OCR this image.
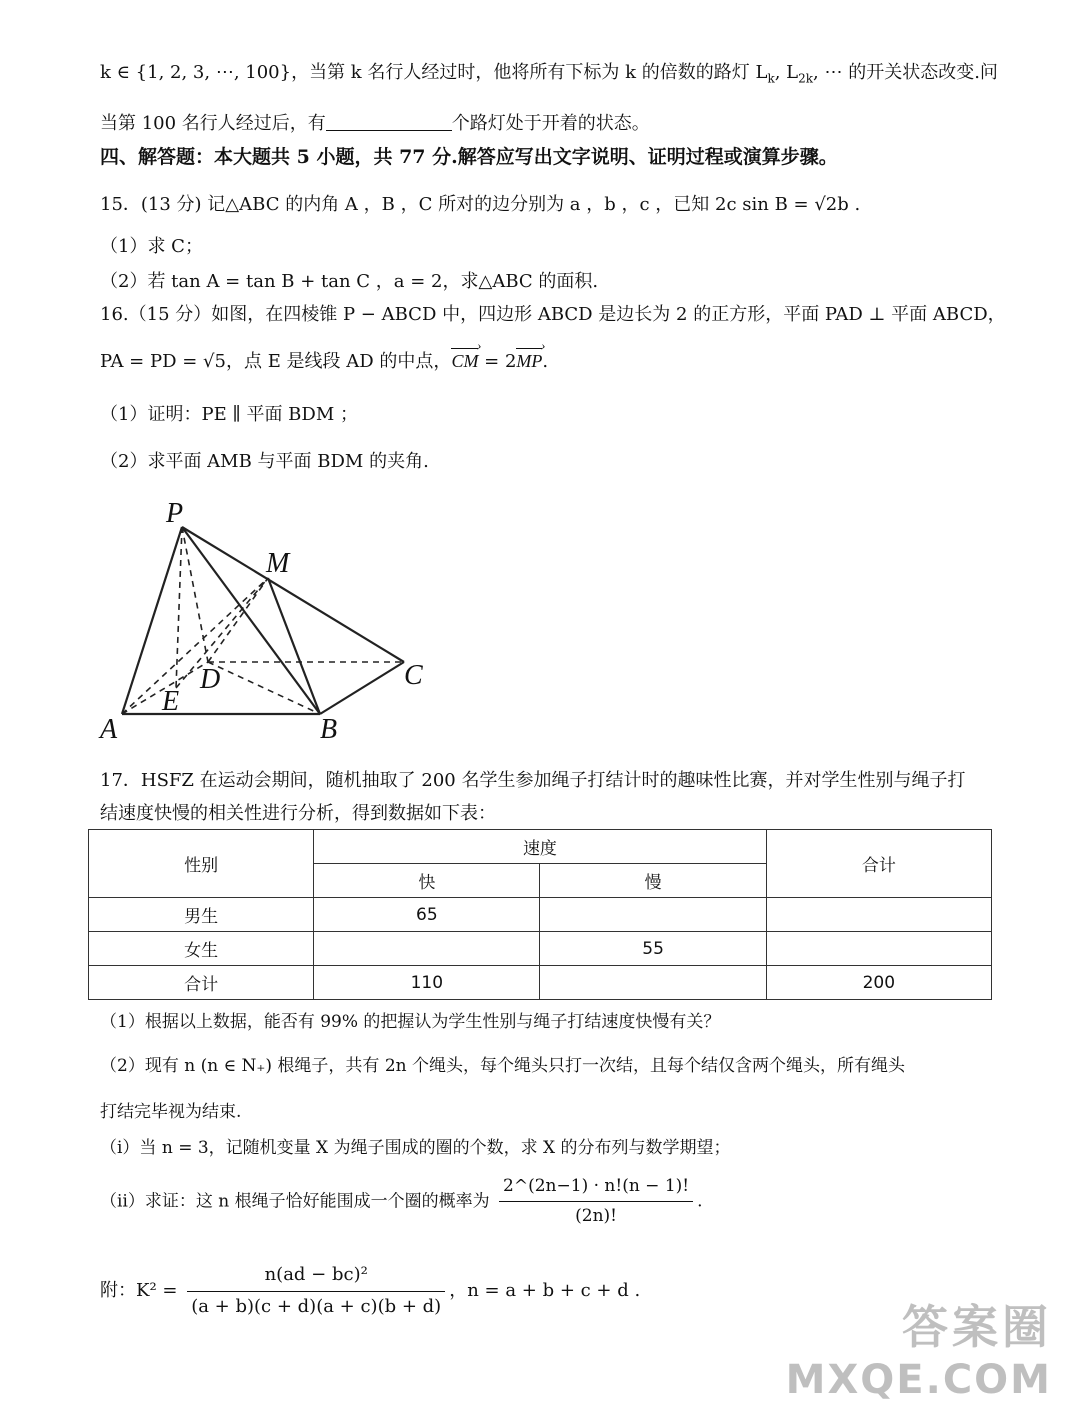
k ∈ {1, 2, 3, ⋯, 100}，当第 k 名行人经过时，他将所有下标为 k 的倍数的路灯 $L_k$, $L_{2k}$, ⋯ 的开关状态改变.问
当第 100 名行人经过后，有	个路灯处于开着的状态。
四、解答题：本大题共 5 小题，共 77 分.解答应写出文字说明、证明过程或演算步骤。
15．(13 分) 记△ABC 的内角 A ，B ，C 所对的边分别为 a ，b ，c ，已知 2c sin B = √2b .
（1）求 C；
（2）若 tan A = tan B + tan C ，a = 2，求△ABC 的面积.
16.（15 分）如图，在四棱锥 P − ABCD 中，四边形 ABCD 是边长为 2 的正方形，平面 PAD ⊥ 平面 ABCD，
PA = PD = √5，点 E 是线段 AD 的中点，CM › = 2MP ›.
（1）证明：PE ∥ 平面 BDM ；
（2）求平面 AMB 与平面 BDM 的夹角.
P
M
D	C
E
A	B
17．HSFZ 在运动会期间，随机抽取了 200 名学生参加绳子打结计时的趣味性比赛，并对学生性别与绳子打
结速度快慢的相关性进行分析，得到数据如下表：
性别	速度		合计
	快	慢	
男生	65		
女生		55	
合计	110		200
（1）根据以上数据，能否有 99% 的把握认为学生性别与绳子打结速度快慢有关？
（2）现有 n (n ∈ N₊) 根绳子，共有 2n 个绳头，每个绳头只打一次结，且每个结仅含两个绳头，所有绳头
打结完毕视为结束.
（ⅰ）当 n = 3，记随机变量 X 为绳子围成的圈的个数，求 X 的分布列与数学期望；
（ⅱ）求证：这 n 根绳子恰好能围成一个圈的概率为 $\frac{2\^{}(2n-1) \cdot n!(n - 1)!}{(2n)!}$ .
附：$K^2 = \frac{\text{n(ad − bc)²}}{(a + b)(c + d)(a + c)(b + d)}$ ，n = a + b + c + d .
答案圈
MXQE.COM
